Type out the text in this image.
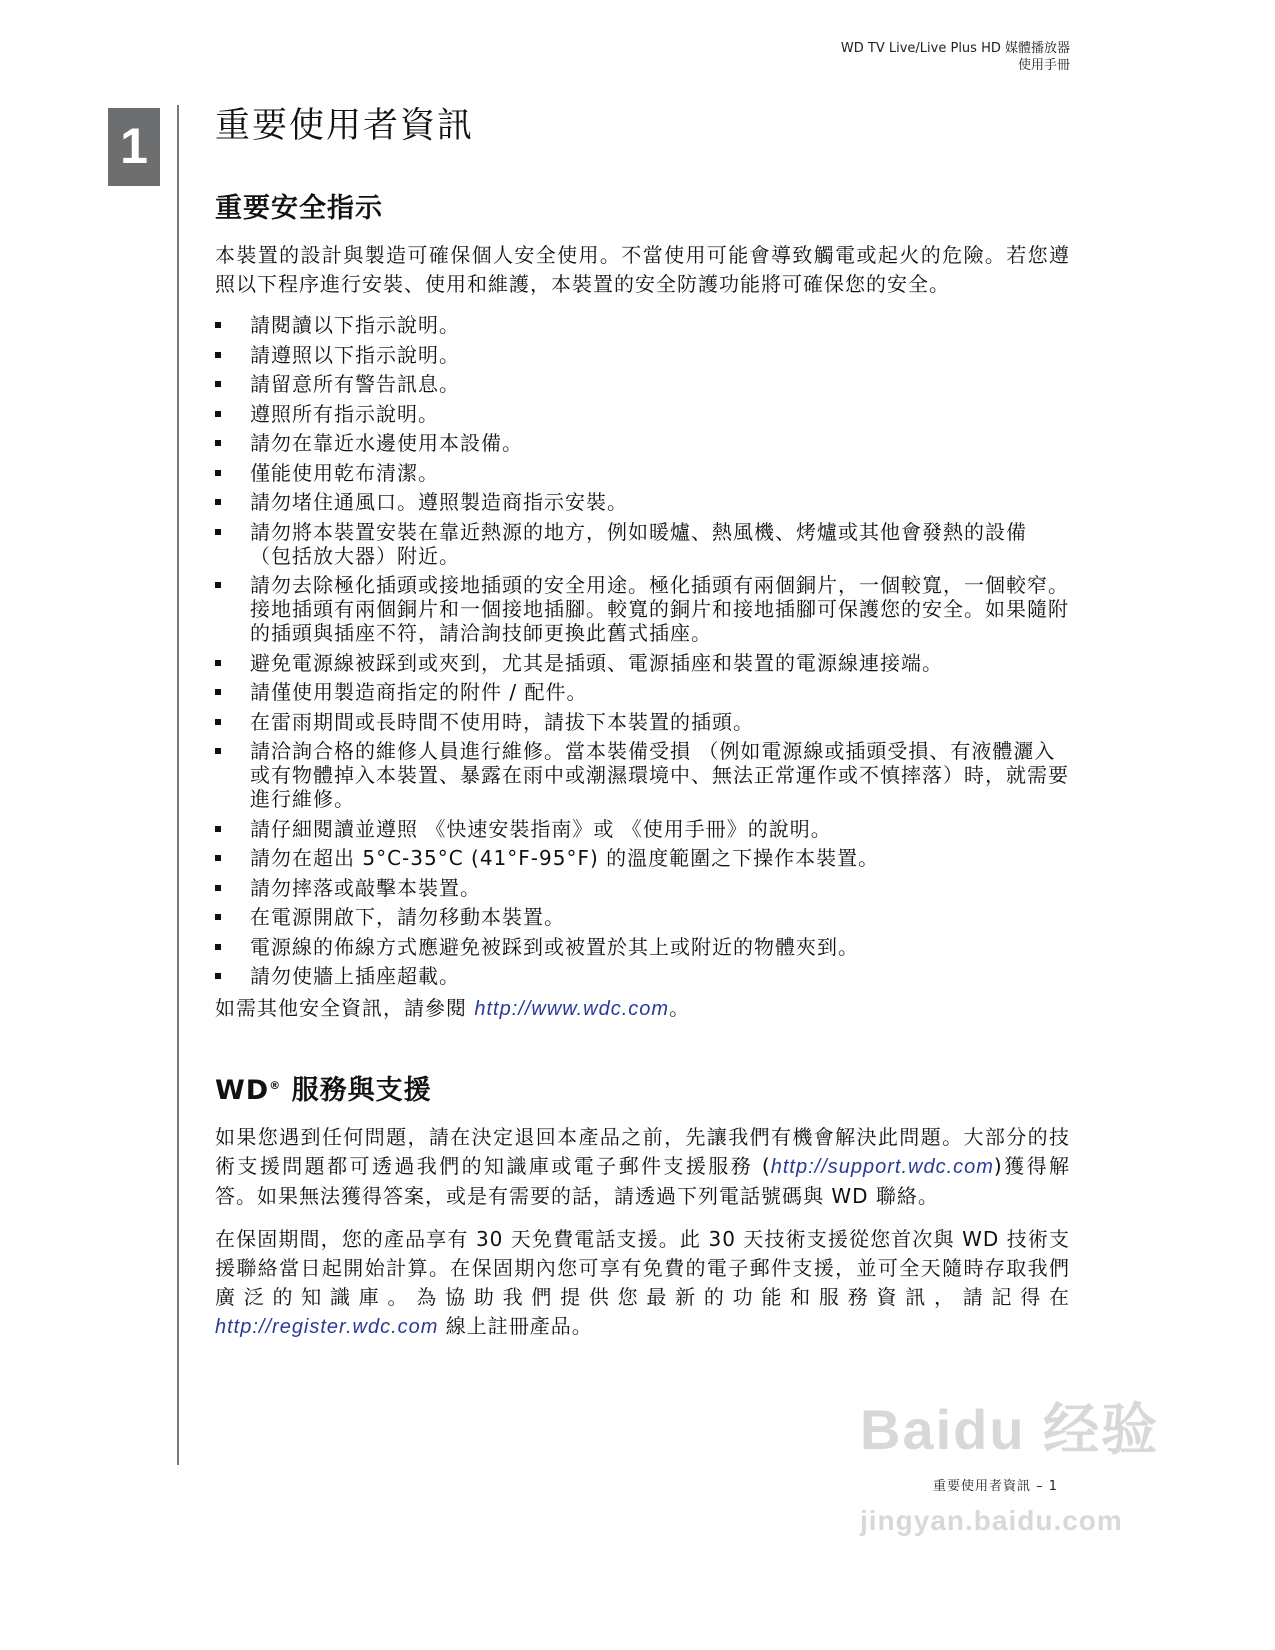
WD TV Live/Live Plus HD 媒體播放器
使用手冊
1	重要使用者資訊
重要安全指示

本裝置的設計與製造可確保個人安全使用。不當使用可能會導致觸電或起火的危險。若您遵照以下程序進行安裝、使用和維護，本裝置的安全防護功能將可確保您的安全。

請閱讀以下指示說明。
請遵照以下指示說明。
請留意所有警告訊息。
遵照所有指示說明。
請勿在靠近水邊使用本設備。
僅能使用乾布清潔。
請勿堵住通風口。遵照製造商指示安裝。
請勿將本裝置安裝在靠近熱源的地方，例如暖爐、熱風機、烤爐或其他會發熱的設備 （包括放大器）附近。
請勿去除極化插頭或接地插頭的安全用途。極化插頭有兩個銅片，一個較寬，一個較窄。接地插頭有兩個銅片和一個接地插腳。較寬的銅片和接地插腳可保護您的安全。如果隨附的插頭與插座不符，請洽詢技師更換此舊式插座。
避免電源線被踩到或夾到，尤其是插頭、電源插座和裝置的電源線連接端。
請僅使用製造商指定的附件 / 配件。
在雷雨期間或長時間不使用時，請拔下本裝置的插頭。
請洽詢合格的維修人員進行維修。當本裝備受損 （例如電源線或插頭受損、有液體灑入或有物體掉入本裝置、暴露在雨中或潮濕環境中、無法正常運作或不慎摔落）時，就需要進行維修。
請仔細閱讀並遵照 《快速安裝指南》或 《使用手冊》的說明。
請勿在超出 5°C-35°C (41°F-95°F) 的溫度範圍之下操作本裝置。
請勿摔落或敲擊本裝置。
在電源開啟下，請勿移動本裝置。
電源線的佈線方式應避免被踩到或被置於其上或附近的物體夾到。
請勿使牆上插座超載。

如需其他安全資訊，請參閱 http://www.wdc.com。

WD® 服務與支援

如果您遇到任何問題，請在決定退回本產品之前，先讓我們有機會解決此問題。大部分的技術支援問題都可透過我們的知識庫或電子郵件支援服務 (http://support.wdc.com)獲得解答。如果無法獲得答案，或是有需要的話，請透過下列電話號碼與 WD 聯絡。

在保固期間，您的產品享有 30 天免費電話支援。此 30 天技術支援從您首次與 WD 技術支援聯絡當日起開始計算。在保固期內您可享有免費的電子郵件支援，並可全天隨時存取我們廣泛的知識庫。為協助我們提供您最新的功能和服務資訊，請記得在 http://register.wdc.com 線上註冊產品。

Baidu 经验
重要使用者資訊 – 1
jingyan.baidu.com
